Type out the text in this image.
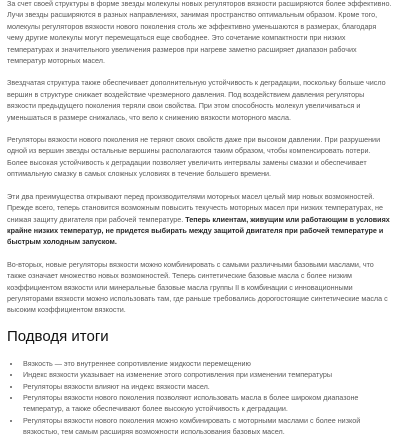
За счет своей структуры в форме звезды молекулы новых регуляторов вязкости расширяются более эффективно. Лучи звезды расширяются в разных направлениях, занимая пространство оптимальным образом. Кроме того, молекулы регуляторов вязкости нового поколения столь же эффективно уменьшаются в размерах, благодаря чему другие молекулы могут перемещаться еще свободнее. Это сочетание компактности при низких температурах и значительного увеличения размеров при нагреве заметно расширяет диапазон рабочих температур моторных масел.

Звездчатая структура также обеспечивает дополнительную устойчивость к деградации, поскольку больше число вершин в структуре снижает воздействие чрезмерного давления. Под воздействием давления регуляторы вязкости предыдущего поколения теряли свои свойства. При этом способность молекул увеличиваться и уменьшаться в размере снижалась, что вело к снижению вязкости моторного масла.

Регуляторы вязкости нового поколения не теряют своих свойств даже при высоком давлении. При разрушении одной из вершин звезды остальные вершины располагаются таким образом, чтобы компенсировать потери. Более высокая устойчивость к деградации позволяет увеличить интервалы замены смазки и обеспечивает оптимальную смазку в самых сложных условиях в течение большего времени.

Эти два преимущества открывают перед производителями моторных масел целый мир новых возможностей. Прежде всего, теперь становится возможным повысить текучесть моторных масел при низких температурах, не снижая защиту двигателя при рабочей температуре. Теперь клиентам, живущим или работающим в условиях крайне низких температур, не придется выбирать между защитой двигателя при рабочей температуре и быстрым холодным запуском.

Во-вторых, новые регуляторы вязкости можно комбинировать с самыми различными базовыми маслами, что также означает множество новых возможностей. Теперь синтетические базовые масла с более низким коэффициентом вязкости или минеральные базовые масла группы II в комбинации с инновационными регуляторами вязкости можно использовать там, где раньше требовались дорогостоящие синтетические масла с высоким коэффициентом вязкости.

Подводя итоги
• Вязкость — это внутреннее сопротивление жидкости перемещению
• Индекс вязкости указывает на изменение этого сопротивления при изменении температуры
• Регуляторы вязкости влияют на индекс вязкости масел.
• Регуляторы вязкости нового поколения позволяют использовать масла в более широком диапазоне температур, а также обеспечивают более высокую устойчивость к деградации.
• Регуляторы вязкости нового поколения можно комбинировать с моторными маслами с более низкой вязкостью, тем самым расширяя возможности использования базовых масел.
